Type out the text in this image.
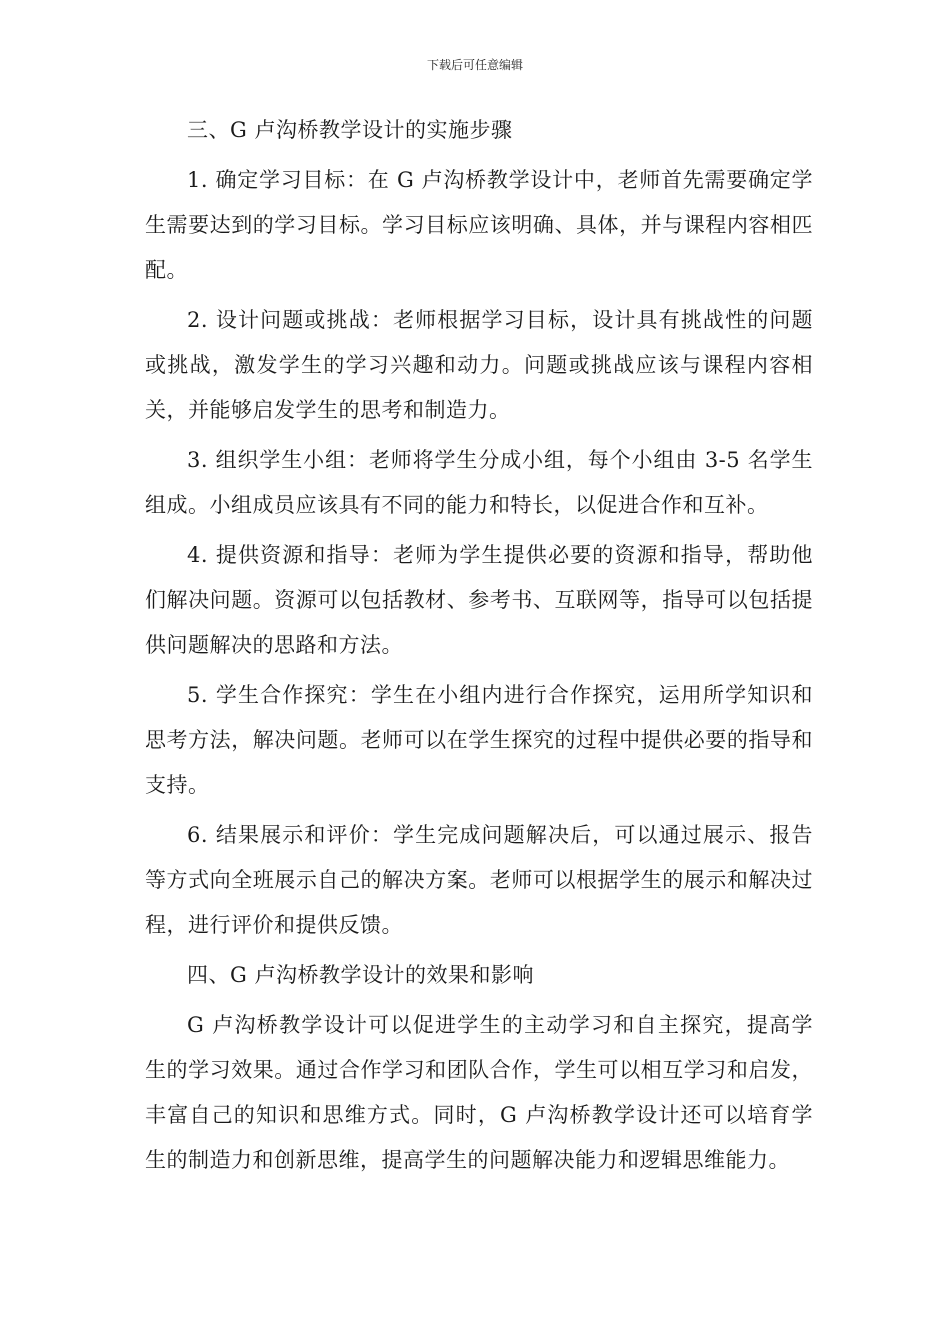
下载后可任意编辑

三、G 卢沟桥教学设计的实施步骤

1. 确定学习目标：在 G 卢沟桥教学设计中，老师首先需要确定学生需要达到的学习目标。学习目标应该明确、具体，并与课程内容相匹配。

2. 设计问题或挑战：老师根据学习目标，设计具有挑战性的问题或挑战，激发学生的学习兴趣和动力。问题或挑战应该与课程内容相关，并能够启发学生的思考和制造力。

3. 组织学生小组：老师将学生分成小组，每个小组由 3-5 名学生组成。小组成员应该具有不同的能力和特长，以促进合作和互补。

4. 提供资源和指导：老师为学生提供必要的资源和指导，帮助他们解决问题。资源可以包括教材、参考书、互联网等，指导可以包括提供问题解决的思路和方法。

5. 学生合作探究：学生在小组内进行合作探究，运用所学知识和思考方法，解决问题。老师可以在学生探究的过程中提供必要的指导和支持。

6. 结果展示和评价：学生完成问题解决后，可以通过展示、报告等方式向全班展示自己的解决方案。老师可以根据学生的展示和解决过程，进行评价和提供反馈。

四、G 卢沟桥教学设计的效果和影响

G 卢沟桥教学设计可以促进学生的主动学习和自主探究，提高学生的学习效果。通过合作学习和团队合作，学生可以相互学习和启发，丰富自己的知识和思维方式。同时，G 卢沟桥教学设计还可以培育学生的制造力和创新思维，提高学生的问题解决能力和逻辑思维能力。
